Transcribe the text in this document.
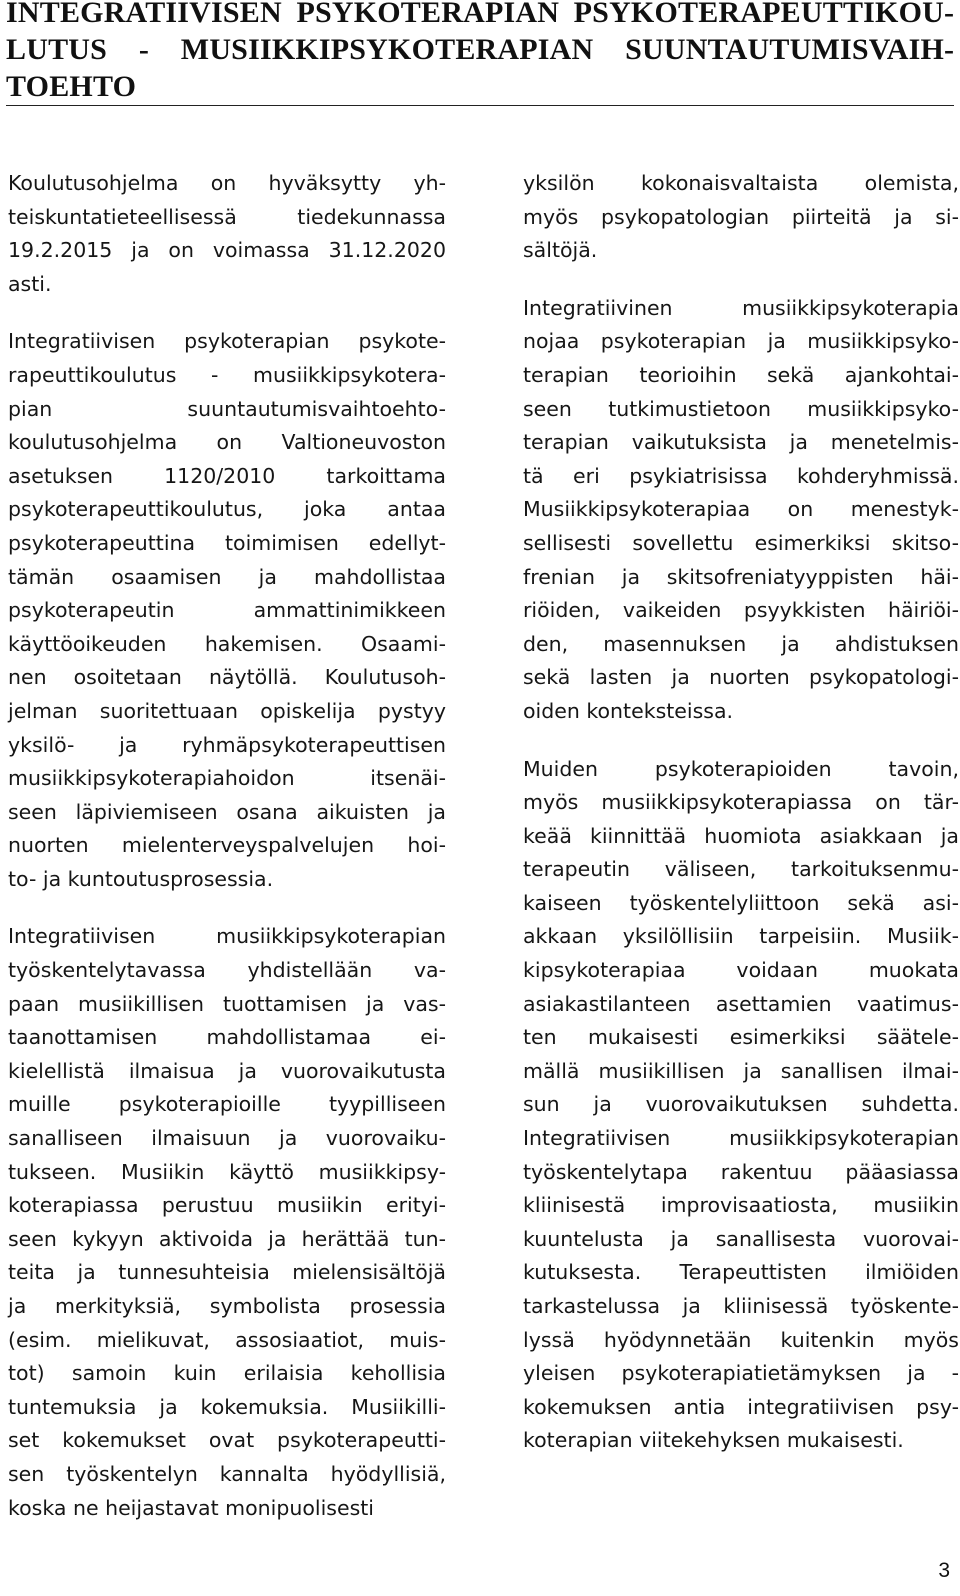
INTEGRATIIVISEN PSYKOTERAPIAN PSYKOTERAPEUTTIKOULUTUS - MUSIIKKIPSYKOTERAPIAN SUUNTAUTUMISVAIHTOEHTO

Koulutusohjelma on hyväksytty yh-
teiskuntatieteellisessä tiedekunnassa
19.2.2015 ja on voimassa 31.12.2020
asti.

Integratiivisen psykoterapian psykote-
rapeuttikoulutus - musiikkipsykotera-
pian suuntautumisvaihtoehto-
koulutusohjelma on Valtioneuvoston
asetuksen 1120/2010 tarkoittama
psykoterapeuttikoulutus, joka antaa
psykoterapeuttina toimimisen edellyt-
tämän osaamisen ja mahdollistaa
psykoterapeutin ammattinimikkeen
käyttöoikeuden hakemisen. Osaami-
nen osoitetaan näytöllä. Koulutusoh-
jelman suoritettuaan opiskelija pystyy
yksilö- ja ryhmäpsykoterapeuttisen
musiikkipsykoterapiahoidon itsenäi-
seen läpiviemiseen osana aikuisten ja
nuorten mielenterveyspalvelujen hoi-
to- ja kuntoutusprosessia.

Integratiivisen musiikkipsykoterapian
työskentelytavassa yhdistellään va-
paan musiikillisen tuottamisen ja vas-
taanottamisen mahdollistamaa ei-
kielellistä ilmaisua ja vuorovaikutusta
muille psykoterapioille tyypilliseen
sanalliseen ilmaisuun ja vuorovaiku-
tukseen. Musiikin käyttö musiikkipsy-
koterapiassa perustuu musiikin erityi-
seen kykyyn aktivoida ja herättää tun-
teita ja tunnesuhteisia mielensisältöjä
ja merkityksiä, symbolista prosessia
(esim. mielikuvat, assosiaatiot, muis-
tot) samoin kuin erilaisia kehollisia
tuntemuksia ja kokemuksia. Musiikilli-
set kokemukset ovat psykoterapeutti-
sen työskentelyn kannalta hyödyllisiä,
koska ne heijastavat monipuolisesti

yksilön kokonaisvaltaista olemista,
myös psykopatologian piirteitä ja si-
sältöjä.

Integratiivinen musiikkipsykoterapia
nojaa psykoterapian ja musiikkipsyko-
terapian teorioihin sekä ajankohtai-
seen tutkimustietoon musiikkipsyko-
terapian vaikutuksista ja menetelmis-
tä eri psykiatrisissa kohderyhmissä.
Musiikkipsykoterapiaa on menestyk-
sellisesti sovellettu esimerkiksi skitso-
frenian ja skitsofreniatyyppisten häi-
riöiden, vaikeiden psyykkisten häiriöi-
den, masennuksen ja ahdistuksen
sekä lasten ja nuorten psykopatologi-
oiden konteksteissa.

Muiden psykoterapioiden tavoin,
myös musiikkipsykoterapiassa on tär-
keää kiinnittää huomiota asiakkaan ja
terapeutin väliseen, tarkoituksenmu-
kaiseen työskentelyliittoon sekä asi-
akkaan yksilöllisiin tarpeisiin. Musiik-
kipsykoterapiaa voidaan muokata
asiakastilanteen asettamien vaatimus-
ten mukaisesti esimerkiksi säätele-
mällä musiikillisen ja sanallisen ilmai-
sun ja vuorovaikutuksen suhdetta.
Integratiivisen musiikkipsykoterapian
työskentelytapa rakentuu pääasiassa
kliinisestä improvisaatiosta, musiikin
kuuntelusta ja sanallisesta vuorovai-
kutuksesta. Terapeuttisten ilmiöiden
tarkastelussa ja kliinisessä työskente-
lyssä hyödynnetään kuitenkin myös
yleisen psykoterapiatietämyksen ja -
kokemuksen antia integratiivisen psy-
koterapian viitekehyksen mukaisesti.

3
